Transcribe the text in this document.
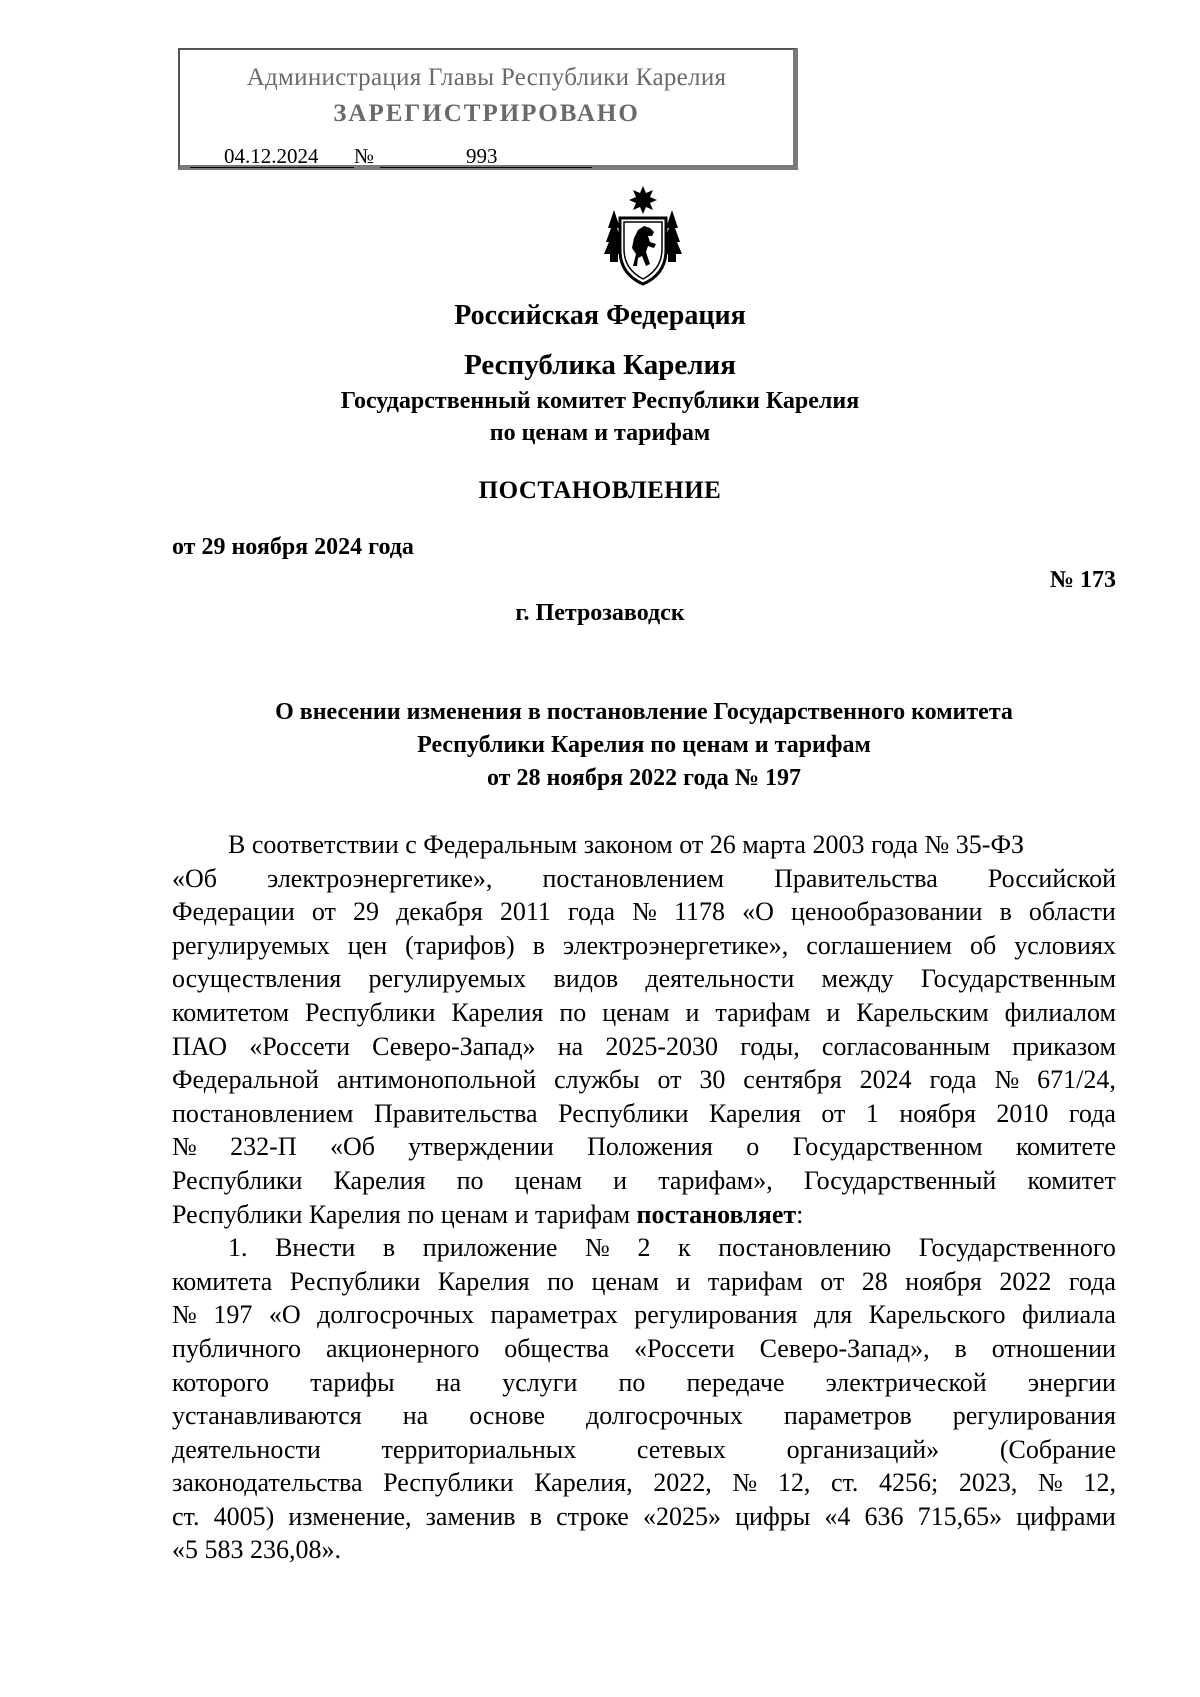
Администрация Главы Республики Карелия
ЗАРЕГИСТРИРОВАНО
04.12.2024 №	993
Российская Федерация
Республика Карелия
Государственный комитет Республики Карелия
по ценам и тарифам
ПОСТАНОВЛЕНИЕ
от 29 ноября 2024 года
№ 173
г. Петрозаводск
О внесении изменения в постановление Государственного комитета
Республики Карелия по ценам и тарифам
от 28 ноября 2022 года № 197
В соответствии с Федеральным законом от 26 марта 2003 года № 35-ФЗ
«Об электроэнергетике», постановлением Правительства Российской
Федерации от 29 декабря 2011 года № 1178 «О ценообразовании в области
регулируемых цен (тарифов) в электроэнергетике», соглашением об условиях
осуществления регулируемых видов деятельности между Государственным
комитетом Республики Карелия по ценам и тарифам и Карельским филиалом
ПАО «Россети Северо-Запад» на 2025-2030 годы, согласованным приказом
Федеральной антимонопольной службы от 30 сентября 2024 года № 671/24,
постановлением Правительства Республики Карелия от 1 ноября 2010 года
№ 232-П «Об утверждении Положения о Государственном комитете
Республики Карелия по ценам и тарифам», Государственный комитет
Республики Карелия по ценам и тарифам постановляет:
1. Внести в приложение № 2 к постановлению Государственного
комитета Республики Карелия по ценам и тарифам от 28 ноября 2022 года
№ 197 «О долгосрочных параметрах регулирования для Карельского филиала
публичного акционерного общества «Россети Северо-Запад», в отношении
которого тарифы на услуги по передаче электрической энергии
устанавливаются на основе долгосрочных параметров регулирования
деятельности территориальных сетевых организаций» (Собрание
законодательства Республики Карелия, 2022, № 12, ст. 4256; 2023, № 12,
ст. 4005) изменение, заменив в строке «2025» цифры «4 636 715,65» цифрами
«5 583 236,08».
